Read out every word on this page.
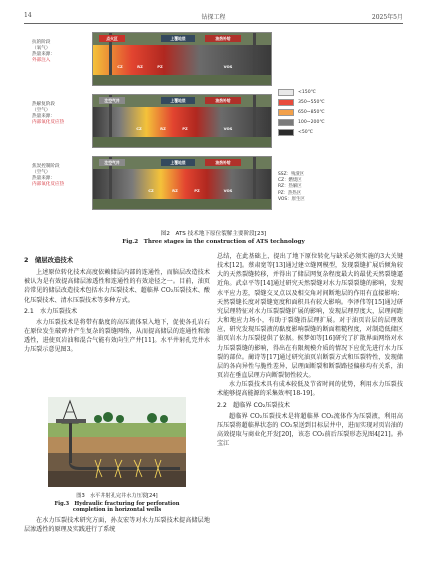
14	钻探工程	2025年5月
抗的阶段
（氧气）
热量来源：
外部注入
热解复阶段
（空气）
热量来源：
内部氧化反应热
焦炭控制阶段
（空气）
热量来源：
内部氧化反应热
点火区	上覆地层	油热补给
CZ	RZ	PZ	VOS
注空气井	上覆地层	油热补给
CZ	RZ	PZ	VOS
注空气井	上覆地层	油热补给
CZ	RZ	PZ	VOS
<150℃
350~550℃
650~850℃
100~200℃
<50℃
SSZ：残渣区
CZ：燃烧区
RZ：热解区
PZ：热热区
VOS：原生区
图2　ATS 技术地下原位裂解主要阶段[23]
Fig.2　Three stages in the construction of ATS technology
2　储层改造技术

上述原位转化技术高度依赖储层内部的连通性，而脑层改造技术被认为是有效提高储层渗透性和连通性的有效途径之一。目前，油页岩常见的储层改造技术包括水力压裂技术、超临界 CO₂压裂技术、酸化压裂技术、清水压裂技术等多种方式。

2.1　水力压裂技术

水力压裂技术是将带有黏度的高压流体泵入地下，促使各孔岩石在原位发生破碎并产生复杂的裂缝网络，从而提高储层的连通性和渗透性，进使页岩油和混合气能有效向生产井[11]。水平井射孔完井水力压裂示意见图3。

图3　水平井射孔完井水力压裂[24]
Fig.3　Hydraulic fracturing for perforation
completion in horizontal wells

在水力压裂技术研究方面，孙友宏等对水力压裂技术提高储层地层渗透性的原理及实践进行了系统

总结，在此基础上，提出了地下原位转化与缺采必须实施的3大关键技术[12]。蔡肃宽等[13]通过建立缝网模型，发现裂缝扩展后倾角较大的天然裂缝转移，并得出了储层网复杂程度最大的最优天然裂缝逼近角。武卓平等[14]通过研究天然裂缝对水力压裂裂缝的影响，发现水平应力差，裂缝交叉点以及相交角对间断地层的作用有直接影响；天然裂缝长度对裂缝宽度和面积具有较大影响。李泽伟等[15]通过研究层理特征对水力压裂裂缝扩展的影响，发现层理厚度大，层理间距大和地应力场小，有助于裂缝沿层理扩展。对于油页岩层的层理效应，研究发现压裂液的黏度影响裂缝的断面粗糙程度，对制造低储区油页岩水力压裂提供了依据。候梦如等[16]研究了扩散界面网络对水力压裂裂缝的影响，得出在有限规模介质的情况下应优先进行水力压裂的部位。蔺诗等[17]通过研究油页岩断裂方式和压裂特性，发现储层的各向异性与脆性差异，层理面断裂和断裂路径偏移均有关系，油页岩在垂直层理方向断裂韧性较大。

水力压裂技术具有成本较低及节省时间的优势，利用水力压裂技术能够提高能源的采集效率[18-19]。

2.2　超临界 CO₂压裂技术

超临界 CO₂压裂技术是将超临界 CO₂流体作为压裂液，利用高压压裂将超临界状态的 CO₂泵送到目标层井中，进而实现对页岩油的高效提取与商业化开发[20]，该态 CO₂前后压裂形态见图4[21]。孙宝江
